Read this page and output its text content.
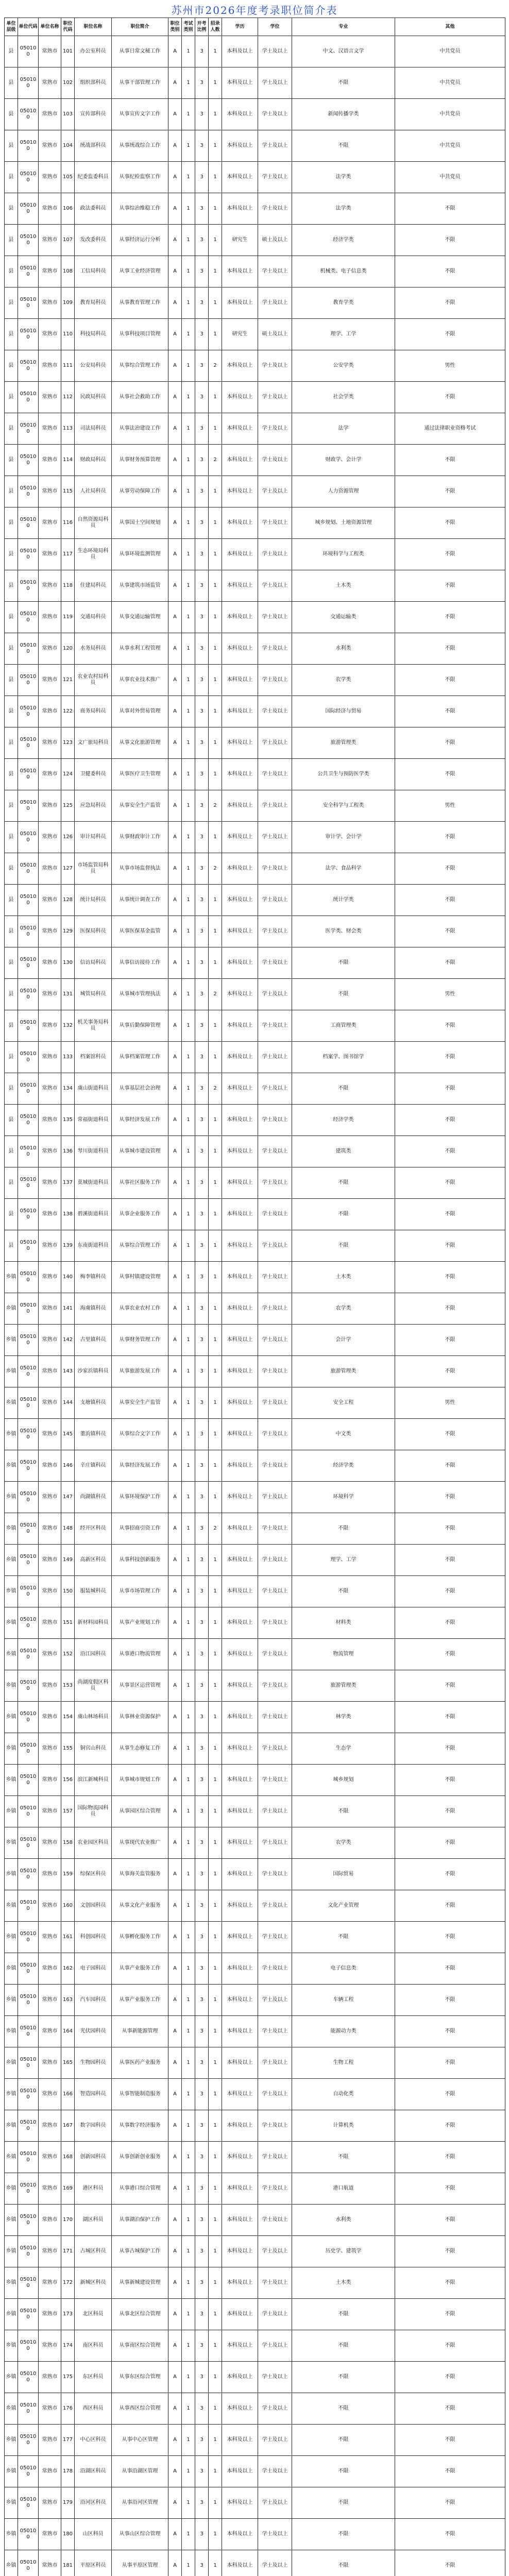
苏州市2026年度考录职位简介表
单位层级	单位代码	单位名称	职位代码	职位名称	职位简介	职位类别	考试类别	开考比例	招录人数	学历	学位	专业	其他
县	050100	常熟市	101	办公室科员	从事日常文秘工作	A	1	3	1	本科及以上	学士及以上	中文、汉语言文学	中共党员
县	050100	常熟市	102	组织部科员	从事干部管理工作	A	1	3	1	本科及以上	学士及以上	不限	中共党员
县	050100	常熟市	103	宣传部科员	从事宣传文字工作	A	1	3	1	本科及以上	学士及以上	新闻传播学类	中共党员
县	050100	常熟市	104	统战部科员	从事统战综合工作	A	1	3	1	本科及以上	学士及以上	不限	中共党员
县	050100	常熟市	105	纪委监委科员	从事纪检监察工作	A	1	3	1	本科及以上	学士及以上	法学类	中共党员
县	050100	常熟市	106	政法委科员	从事综治维稳工作	A	1	3	1	本科及以上	学士及以上	法学类	不限
县	050100	常熟市	107	发改委科员	从事经济运行分析	A	1	3	1	研究生	硕士及以上	经济学类	不限
县	050100	常熟市	108	工信局科员	从事工业经济管理	A	1	3	1	本科及以上	学士及以上	机械类、电子信息类	不限
县	050100	常熟市	109	教育局科员	从事教育管理工作	A	1	3	1	本科及以上	学士及以上	教育学类	不限
县	050100	常熟市	110	科技局科员	从事科技项目管理	A	1	3	1	研究生	硕士及以上	理学、工学	不限
县	050100	常熟市	111	公安局科员	从事综合管理工作	A	1	3	2	本科及以上	学士及以上	公安学类	男性
县	050100	常熟市	112	民政局科员	从事社会救助工作	A	1	3	1	本科及以上	学士及以上	社会学类	不限
县	050100	常熟市	113	司法局科员	从事法治建设工作	A	1	3	1	本科及以上	学士及以上	法学	通过法律职业资格考试
县	050100	常熟市	114	财政局科员	从事财务预算管理	A	1	3	2	本科及以上	学士及以上	财政学、会计学	不限
县	050100	常熟市	115	人社局科员	从事劳动保障工作	A	1	3	1	本科及以上	学士及以上	人力资源管理	不限
县	050100	常熟市	116	自然资源局科员	从事国土空间规划	A	1	3	1	本科及以上	学士及以上	城乡规划、土地资源管理	不限
县	050100	常熟市	117	生态环境局科员	从事环境监测管理	A	1	3	1	本科及以上	学士及以上	环境科学与工程类	不限
县	050100	常熟市	118	住建局科员	从事建筑市场监管	A	1	3	1	本科及以上	学士及以上	土木类	不限
县	050100	常熟市	119	交通局科员	从事交通运输管理	A	1	3	1	本科及以上	学士及以上	交通运输类	不限
县	050100	常熟市	120	水务局科员	从事水利工程管理	A	1	3	1	本科及以上	学士及以上	水利类	不限
县	050100	常熟市	121	农业农村局科员	从事农业技术推广	A	1	3	1	本科及以上	学士及以上	农学类	不限
县	050100	常熟市	122	商务局科员	从事对外贸易管理	A	1	3	1	本科及以上	学士及以上	国际经济与贸易	不限
县	050100	常熟市	123	文广旅局科员	从事文化旅游管理	A	1	3	1	本科及以上	学士及以上	旅游管理类	不限
县	050100	常熟市	124	卫健委科员	从事医疗卫生管理	A	1	3	1	本科及以上	学士及以上	公共卫生与预防医学类	不限
县	050100	常熟市	125	应急局科员	从事安全生产监管	A	1	3	2	本科及以上	学士及以上	安全科学与工程类	男性
县	050100	常熟市	126	审计局科员	从事财政审计工作	A	1	3	1	本科及以上	学士及以上	审计学、会计学	不限
县	050100	常熟市	127	市场监管局科员	从事市场监督执法	A	1	3	2	本科及以上	学士及以上	法学、食品科学	不限
县	050100	常熟市	128	统计局科员	从事统计调查工作	A	1	3	1	本科及以上	学士及以上	统计学类	不限
县	050100	常熟市	129	医保局科员	从事医保基金监管	A	1	3	1	本科及以上	学士及以上	医学类、财会类	不限
县	050100	常熟市	130	信访局科员	从事信访接待工作	A	1	3	1	本科及以上	学士及以上	不限	不限
县	050100	常熟市	131	城管局科员	从事城市管理执法	A	1	3	2	本科及以上	学士及以上	不限	男性
县	050100	常熟市	132	机关事务局科员	从事后勤保障管理	A	1	3	1	本科及以上	学士及以上	工商管理类	不限
县	050100	常熟市	133	档案馆科员	从事档案管理工作	A	1	3	1	本科及以上	学士及以上	档案学、图书馆学	不限
县	050100	常熟市	134	虞山街道科员	从事基层社会治理	A	1	3	2	本科及以上	学士及以上	不限	不限
县	050100	常熟市	135	常福街道科员	从事经济发展工作	A	1	3	1	本科及以上	学士及以上	经济学类	不限
县	050100	常熟市	136	琴川街道科员	从事城市建设管理	A	1	3	1	本科及以上	学士及以上	建筑类	不限
县	050100	常熟市	137	莫城街道科员	从事社区服务工作	A	1	3	1	本科及以上	学士及以上	不限	不限
县	050100	常熟市	138	碧溪街道科员	从事企业服务工作	A	1	3	1	本科及以上	学士及以上	不限	不限
县	050100	常熟市	139	东南街道科员	从事综合管理工作	A	1	3	1	本科及以上	学士及以上	不限	不限
乡镇	050100	常熟市	140	梅李镇科员	从事村镇建设管理	A	1	3	1	本科及以上	学士及以上	土木类	不限
乡镇	050100	常熟市	141	海虞镇科员	从事农业农村工作	A	1	3	1	本科及以上	学士及以上	农学类	不限
乡镇	050100	常熟市	142	古里镇科员	从事财务管理工作	A	1	3	1	本科及以上	学士及以上	会计学	不限
乡镇	050100	常熟市	143	沙家浜镇科员	从事旅游发展工作	A	1	3	1	本科及以上	学士及以上	旅游管理类	不限
乡镇	050100	常熟市	144	支塘镇科员	从事安全生产监管	A	1	3	1	本科及以上	学士及以上	安全工程	男性
乡镇	050100	常熟市	145	董浜镇科员	从事综合文字工作	A	1	3	1	本科及以上	学士及以上	中文类	不限
乡镇	050100	常熟市	146	辛庄镇科员	从事经济发展工作	A	1	3	1	本科及以上	学士及以上	经济学类	不限
乡镇	050100	常熟市	147	尚湖镇科员	从事环境保护工作	A	1	3	1	本科及以上	学士及以上	环境科学	不限
乡镇	050100	常熟市	148	经开区科员	从事招商引资工作	A	1	3	2	本科及以上	学士及以上	不限	不限
乡镇	050100	常熟市	149	高新区科员	从事科技创新服务	A	1	3	1	本科及以上	学士及以上	理学、工学	不限
乡镇	050100	常熟市	150	服装城科员	从事市场管理工作	A	1	3	1	本科及以上	学士及以上	不限	不限
乡镇	050100	常熟市	151	新材料园科员	从事产业规划工作	A	1	3	1	本科及以上	学士及以上	材料类	不限
乡镇	050100	常熟市	152	沿江园科员	从事港口物流管理	A	1	3	1	本科及以上	学士及以上	物流管理	不限
乡镇	050100	常熟市	153	尚湖度假区科员	从事景区运营管理	A	1	3	1	本科及以上	学士及以上	旅游管理类	不限
乡镇	050100	常熟市	154	虞山林场科员	从事林业资源保护	A	1	3	1	本科及以上	学士及以上	林学类	不限
乡镇	050100	常熟市	155	铜官山科员	从事生态修复工作	A	1	3	1	本科及以上	学士及以上	生态学	不限
乡镇	050100	常熟市	156	滨江新城科员	从事城市规划工作	A	1	3	1	本科及以上	学士及以上	城乡规划	不限
乡镇	050100	常熟市	157	国际物流园科员	从事园区综合管理	A	1	3	1	本科及以上	学士及以上	不限	不限
乡镇	050100	常熟市	158	农业园区科员	从事现代农业推广	A	1	3	1	本科及以上	学士及以上	农学类	不限
乡镇	050100	常熟市	159	综保区科员	从事海关监管服务	A	1	3	1	本科及以上	学士及以上	国际贸易	不限
乡镇	050100	常熟市	160	文创园科员	从事文化产业服务	A	1	3	1	本科及以上	学士及以上	文化产业管理	不限
乡镇	050100	常熟市	161	科创园科员	从事孵化服务工作	A	1	3	1	本科及以上	学士及以上	不限	不限
乡镇	050100	常熟市	162	电子园科员	从事产业服务工作	A	1	3	1	本科及以上	学士及以上	电子信息类	不限
乡镇	050100	常熟市	163	汽车园科员	从事产业服务工作	A	1	3	1	本科及以上	学士及以上	车辆工程	不限
乡镇	050100	常熟市	164	光伏园科员	从事新能源管理	A	1	3	1	本科及以上	学士及以上	能源动力类	不限
乡镇	050100	常熟市	165	生物园科员	从事医药产业服务	A	1	3	1	本科及以上	学士及以上	生物工程	不限
乡镇	050100	常熟市	166	智造园科员	从事智能制造服务	A	1	3	1	本科及以上	学士及以上	自动化类	不限
乡镇	050100	常熟市	167	数字园科员	从事数字经济服务	A	1	3	1	本科及以上	学士及以上	计算机类	不限
乡镇	050100	常熟市	168	创新园科员	从事创新创业服务	A	1	3	1	本科及以上	学士及以上	不限	不限
乡镇	050100	常熟市	169	港区科员	从事港口综合管理	A	1	3	1	本科及以上	学士及以上	港口航道	不限
乡镇	050100	常熟市	170	湖区科员	从事湖泊保护工作	A	1	3	1	本科及以上	学士及以上	水利类	不限
乡镇	050100	常熟市	171	古城区科员	从事古城保护工作	A	1	3	1	本科及以上	学士及以上	历史学、建筑学	不限
乡镇	050100	常熟市	172	新城区科员	从事新城建设管理	A	1	3	1	本科及以上	学士及以上	土木类	不限
乡镇	050100	常熟市	173	北区科员	从事北区综合管理	A	1	3	1	本科及以上	学士及以上	不限	不限
乡镇	050100	常熟市	174	南区科员	从事南区综合管理	A	1	3	1	本科及以上	学士及以上	不限	不限
乡镇	050100	常熟市	175	东区科员	从事东区综合管理	A	1	3	1	本科及以上	学士及以上	不限	不限
乡镇	050100	常熟市	176	西区科员	从事西区综合管理	A	1	3	1	本科及以上	学士及以上	不限	不限
乡镇	050100	常熟市	177	中心区科员	从事中心区管理	A	1	3	1	本科及以上	学士及以上	不限	不限
乡镇	050100	常熟市	178	沿湖区科员	从事沿湖区管理	A	1	3	1	本科及以上	学士及以上	不限	不限
乡镇	050100	常熟市	179	沿河区科员	从事沿河区管理	A	1	3	1	本科及以上	学士及以上	不限	不限
乡镇	050100	常熟市	180	山区科员	从事山区综合管理	A	1	3	1	本科及以上	学士及以上	不限	不限
乡镇	050100	常熟市	181	平原区科员	从事平原区管理	A	1	3	1	本科及以上	学士及以上	不限	不限
